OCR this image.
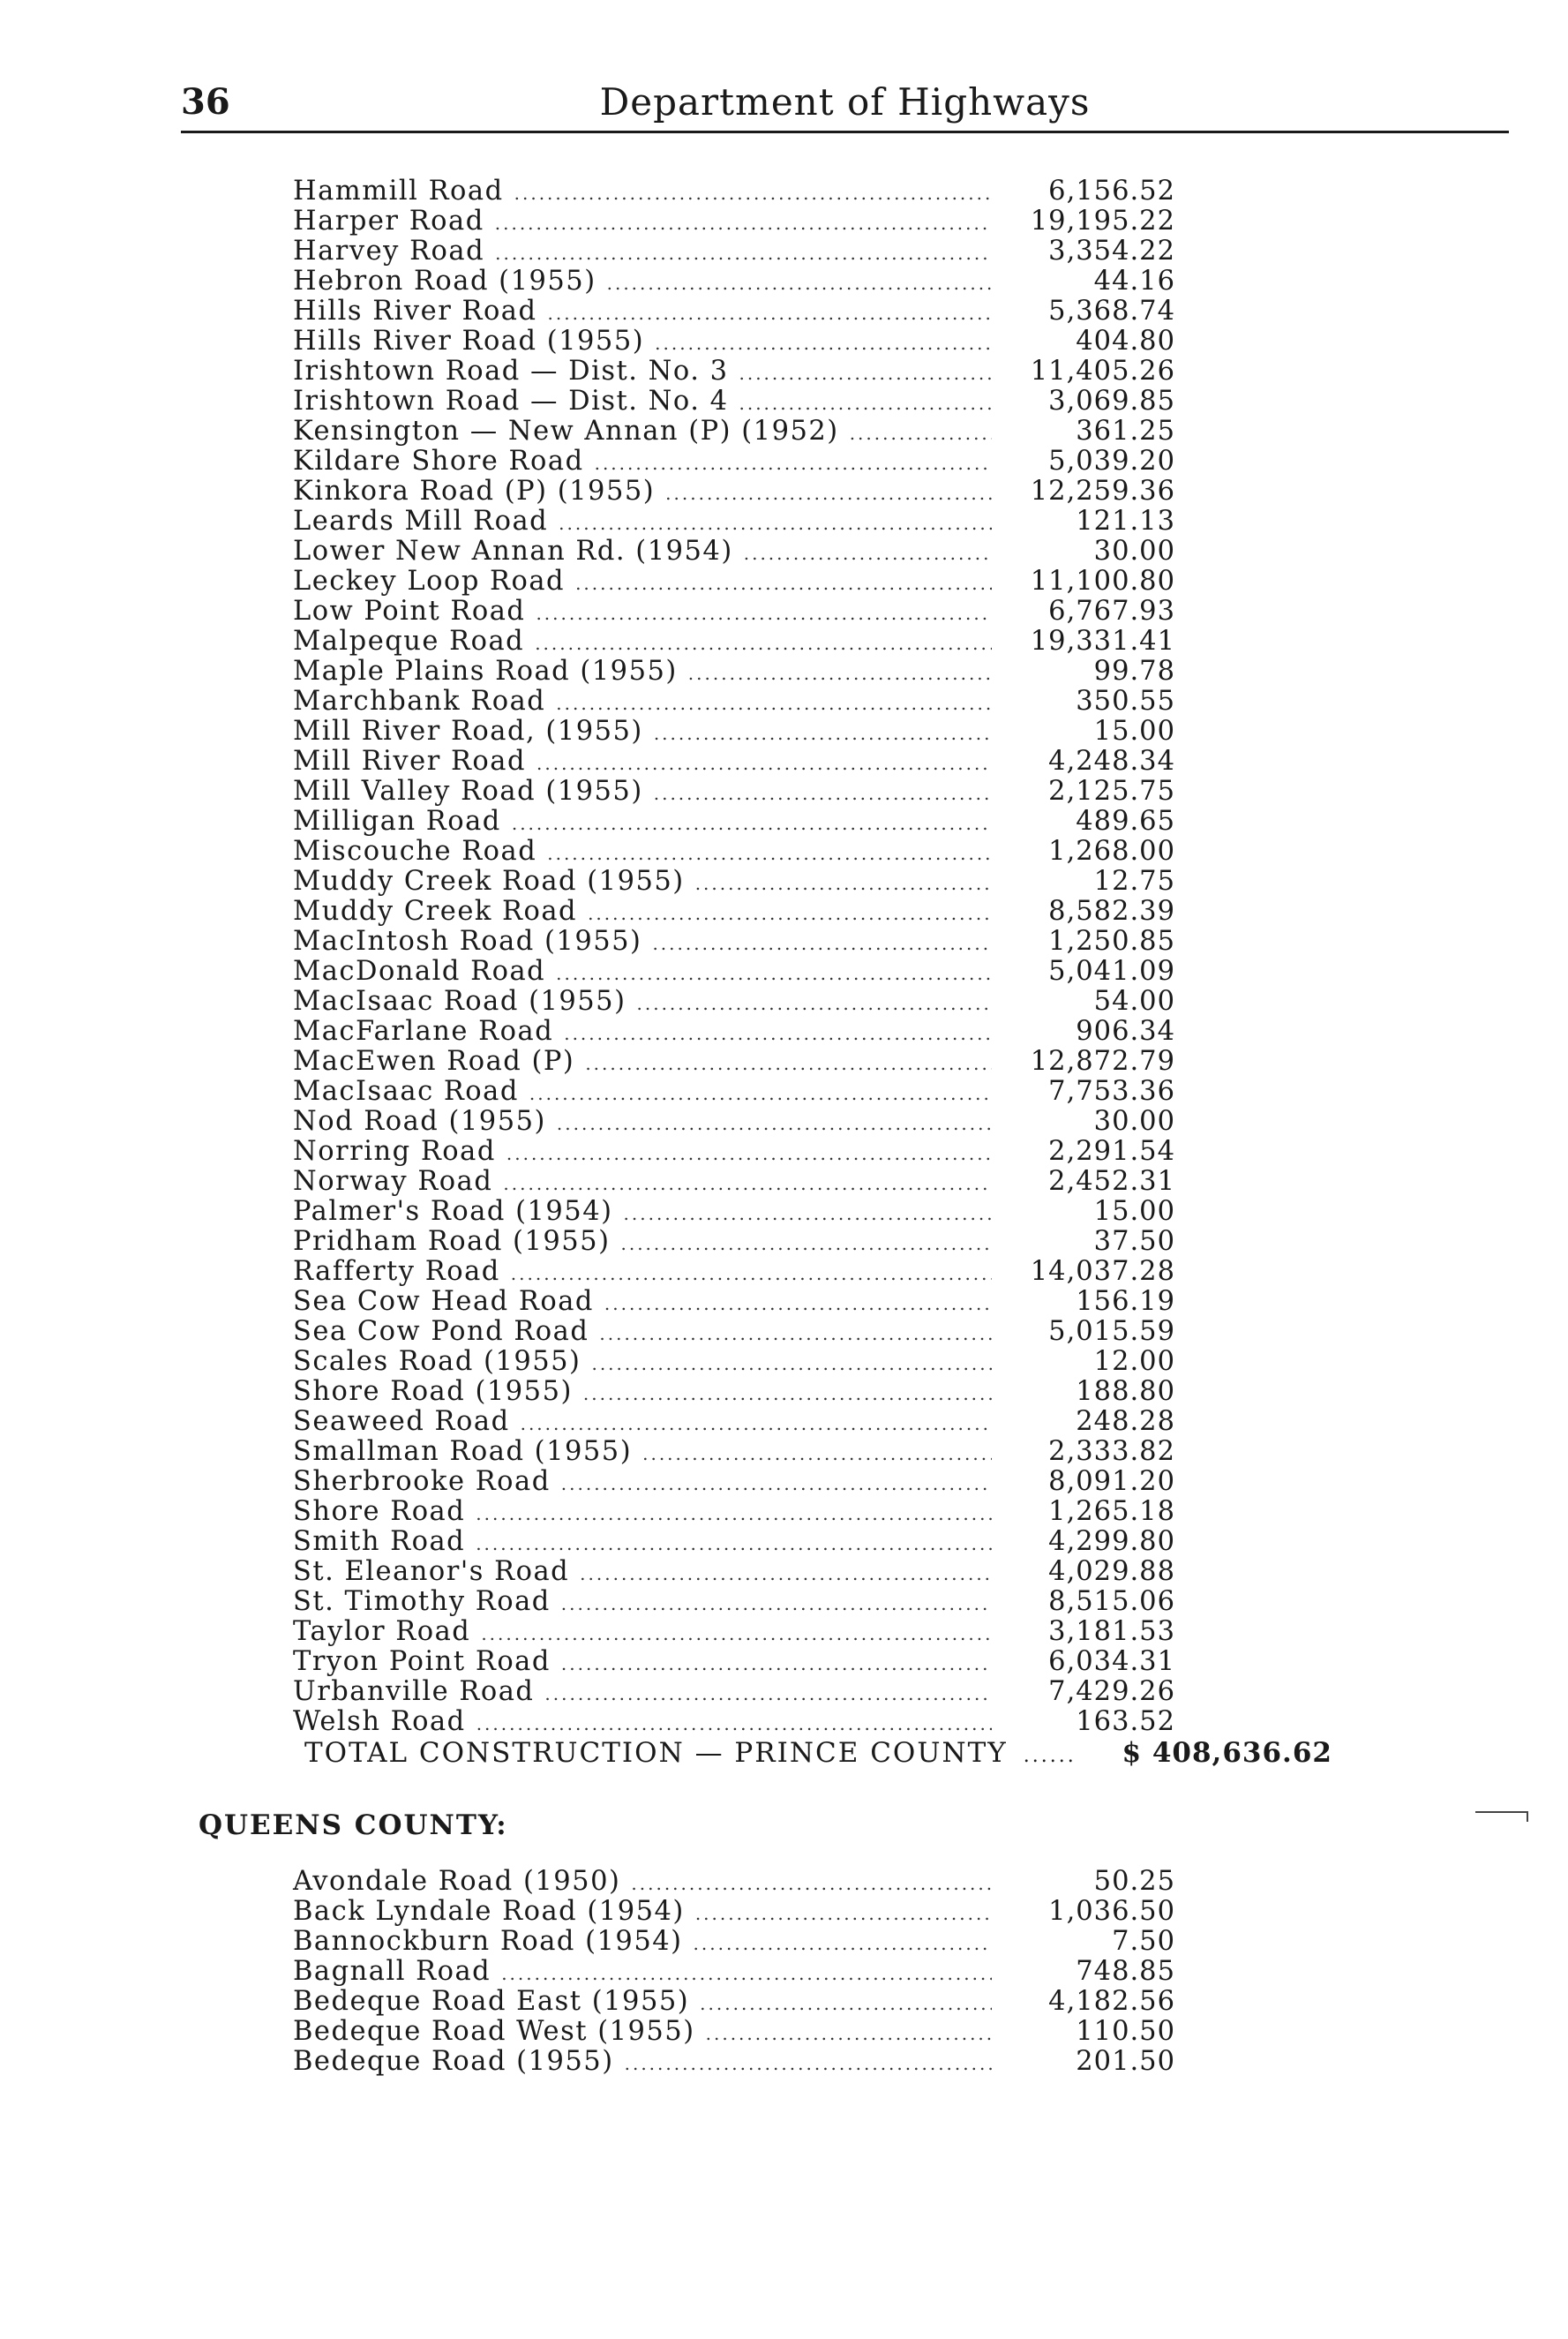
36	Department of Highways
Hammill Road .....	6,156.52
Harper Road .....	19,195.22
Harvey Road .....	3,354.22
Hebron Road (1955) .....	44.16
Hills River Road .....	5,368.74
Hills River Road (1955) .....	404.80
Irishtown Road — Dist. No. 3 .....	11,405.26
Irishtown Road — Dist. No. 4 .....	3,069.85
Kensington — New Annan (P) (1952) .....	361.25
Kildare Shore Road .....	5,039.20
Kinkora Road (P) (1955) .....	12,259.36
Leards Mill Road .....	121.13
Lower New Annan Rd. (1954) .....	30.00
Leckey Loop Road .....	11,100.80
Low Point Road .....	6,767.93
Malpeque Road .....	19,331.41
Maple Plains Road (1955) .....	99.78
Marchbank Road .....	350.55
Mill River Road, (1955) .....	15.00
Mill River Road .....	4,248.34
Mill Valley Road (1955) .....	2,125.75
Milligan Road .....	489.65
Miscouche Road .....	1,268.00
Muddy Creek Road (1955) .....	12.75
Muddy Creek Road .....	8,582.39
MacIntosh Road (1955) .....	1,250.85
MacDonald Road .....	5,041.09
MacIsaac Road (1955) .....	54.00
MacFarlane Road .....	906.34
MacEwen Road (P) .....	12,872.79
MacIsaac Road .....	7,753.36
Nod Road (1955) .....	30.00
Norring Road .....	2,291.54
Norway Road .....	2,452.31
Palmer's Road (1954) .....	15.00
Pridham Road (1955) .....	37.50
Rafferty Road .....	14,037.28
Sea Cow Head Road .....	156.19
Sea Cow Pond Road .....	5,015.59
Scales Road (1955) .....	12.00
Shore Road (1955) .....	188.80
Seaweed Road .....	248.28
Smallman Road (1955) .....	2,333.82
Sherbrooke Road .....	8,091.20
Shore Road .....	1,265.18
Smith Road .....	4,299.80
St. Eleanor's Road .....	4,029.88
St. Timothy Road .....	8,515.06
Taylor Road .....	3,181.53
Tryon Point Road .....	6,034.31
Urbanville Road .....	7,429.26
Welsh Road .....	163.52
TOTAL CONSTRUCTION — PRINCE COUNTY ...... $ 408,636.62
QUEENS COUNTY:
Avondale Road (1950) .....	50.25
Back Lyndale Road (1954) .....	1,036.50
Bannockburn Road (1954) .....	7.50
Bagnall Road .....	748.85
Bedeque Road East (1955) .....	4,182.56
Bedeque Road West (1955) .....	110.50
Bedeque Road (1955) .....	201.50
